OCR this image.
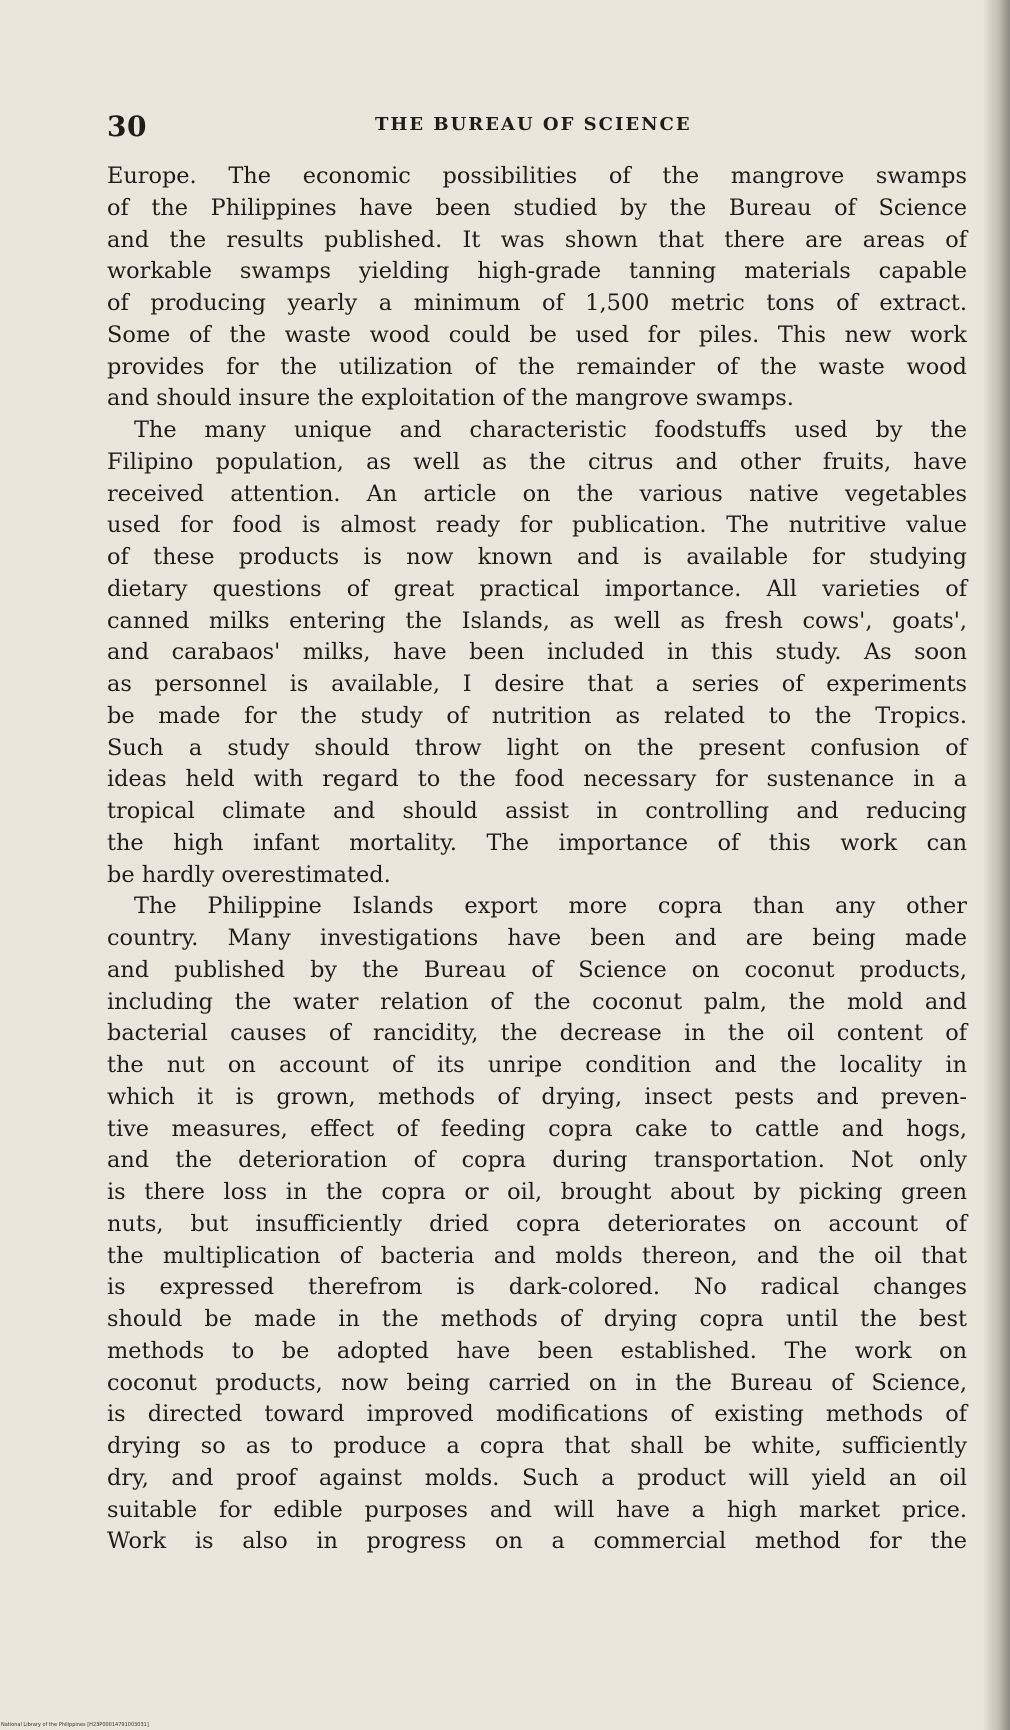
30	THE BUREAU OF SCIENCE
Europe. The economic possibilities of the mangrove swamps
of the Philippines have been studied by the Bureau of Science
and the results published. It was shown that there are areas of
workable swamps yielding high-grade tanning materials capable
of producing yearly a minimum of 1,500 metric tons of extract.
Some of the waste wood could be used for piles. This new work
provides for the utilization of the remainder of the waste wood
and should insure the exploitation of the mangrove swamps.
The many unique and characteristic foodstuffs used by the
Filipino population, as well as the citrus and other fruits, have
received attention. An article on the various native vegetables
used for food is almost ready for publication. The nutritive value
of these products is now known and is available for studying
dietary questions of great practical importance. All varieties of
canned milks entering the Islands, as well as fresh cows', goats',
and carabaos' milks, have been included in this study. As soon
as personnel is available, I desire that a series of experiments
be made for the study of nutrition as related to the Tropics.
Such a study should throw light on the present confusion of
ideas held with regard to the food necessary for sustenance in a
tropical climate and should assist in controlling and reducing
the high infant mortality. The importance of this work can
be hardly overestimated.
The Philippine Islands export more copra than any other
country. Many investigations have been and are being made
and published by the Bureau of Science on coconut products,
including the water relation of the coconut palm, the mold and
bacterial causes of rancidity, the decrease in the oil content of
the nut on account of its unripe condition and the locality in
which it is grown, methods of drying, insect pests and preven-
tive measures, effect of feeding copra cake to cattle and hogs,
and the deterioration of copra during transportation. Not only
is there loss in the copra or oil, brought about by picking green
nuts, but insufficiently dried copra deteriorates on account of
the multiplication of bacteria and molds thereon, and the oil that
is expressed therefrom is dark-colored. No radical changes
should be made in the methods of drying copra until the best
methods to be adopted have been established. The work on
coconut products, now being carried on in the Bureau of Science,
is directed toward improved modifications of existing methods of
drying so as to produce a copra that shall be white, sufficiently
dry, and proof against molds. Such a product will yield an oil
suitable for edible purposes and will have a high market price.
Work is also in progress on a commercial method for the
National Library of the Philippines [H23P00014791003031]
